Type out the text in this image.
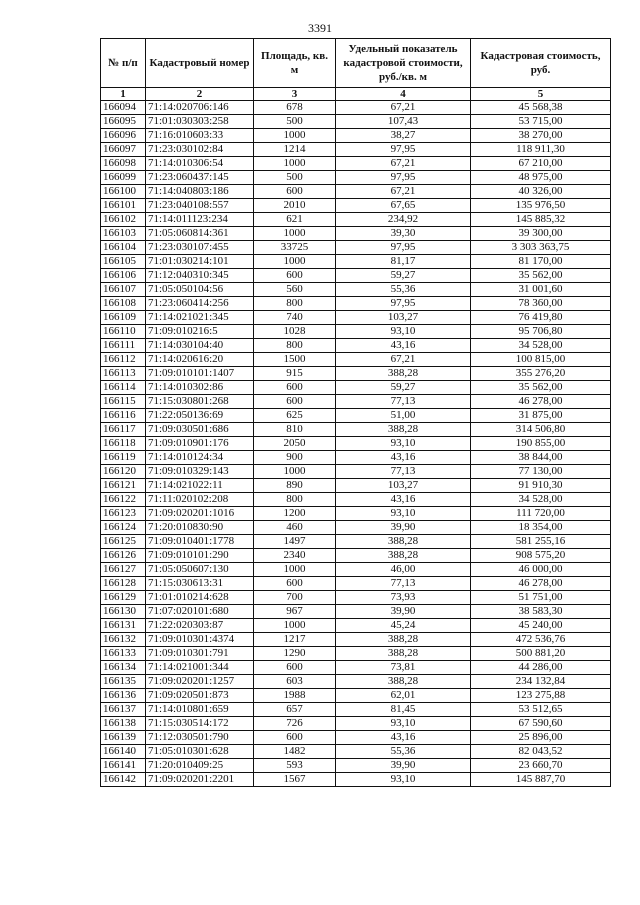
3391
№ п/п	Кадастровый номер	Площадь, кв. м	Удельный показатель кадастровой стоимости, руб./кв. м	Кадастровая стоимость, руб.
1	2	3	4	5
166094	71:14:020706:146	678	67,21	45 568,38
166095	71:01:030303:258	500	107,43	53 715,00
166096	71:16:010603:33	1000	38,27	38 270,00
166097	71:23:030102:84	1214	97,95	118 911,30
166098	71:14:010306:54	1000	67,21	67 210,00
166099	71:23:060437:145	500	97,95	48 975,00
166100	71:14:040803:186	600	67,21	40 326,00
166101	71:23:040108:557	2010	67,65	135 976,50
166102	71:14:011123:234	621	234,92	145 885,32
166103	71:05:060814:361	1000	39,30	39 300,00
166104	71:23:030107:455	33725	97,95	3 303 363,75
166105	71:01:030214:101	1000	81,17	81 170,00
166106	71:12:040310:345	600	59,27	35 562,00
166107	71:05:050104:56	560	55,36	31 001,60
166108	71:23:060414:256	800	97,95	78 360,00
166109	71:14:021021:345	740	103,27	76 419,80
166110	71:09:010216:5	1028	93,10	95 706,80
166111	71:14:030104:40	800	43,16	34 528,00
166112	71:14:020616:20	1500	67,21	100 815,00
166113	71:09:010101:1407	915	388,28	355 276,20
166114	71:14:010302:86	600	59,27	35 562,00
166115	71:15:030801:268	600	77,13	46 278,00
166116	71:22:050136:69	625	51,00	31 875,00
166117	71:09:030501:686	810	388,28	314 506,80
166118	71:09:010901:176	2050	93,10	190 855,00
166119	71:14:010124:34	900	43,16	38 844,00
166120	71:09:010329:143	1000	77,13	77 130,00
166121	71:14:021022:11	890	103,27	91 910,30
166122	71:11:020102:208	800	43,16	34 528,00
166123	71:09:020201:1016	1200	93,10	111 720,00
166124	71:20:010830:90	460	39,90	18 354,00
166125	71:09:010401:1778	1497	388,28	581 255,16
166126	71:09:010101:290	2340	388,28	908 575,20
166127	71:05:050607:130	1000	46,00	46 000,00
166128	71:15:030613:31	600	77,13	46 278,00
166129	71:01:010214:628	700	73,93	51 751,00
166130	71:07:020101:680	967	39,90	38 583,30
166131	71:22:020303:87	1000	45,24	45 240,00
166132	71:09:010301:4374	1217	388,28	472 536,76
166133	71:09:010301:791	1290	388,28	500 881,20
166134	71:14:021001:344	600	73,81	44 286,00
166135	71:09:020201:1257	603	388,28	234 132,84
166136	71:09:020501:873	1988	62,01	123 275,88
166137	71:14:010801:659	657	81,45	53 512,65
166138	71:15:030514:172	726	93,10	67 590,60
166139	71:12:030501:790	600	43,16	25 896,00
166140	71:05:010301:628	1482	55,36	82 043,52
166141	71:20:010409:25	593	39,90	23 660,70
166142	71:09:020201:2201	1567	93,10	145 887,70
